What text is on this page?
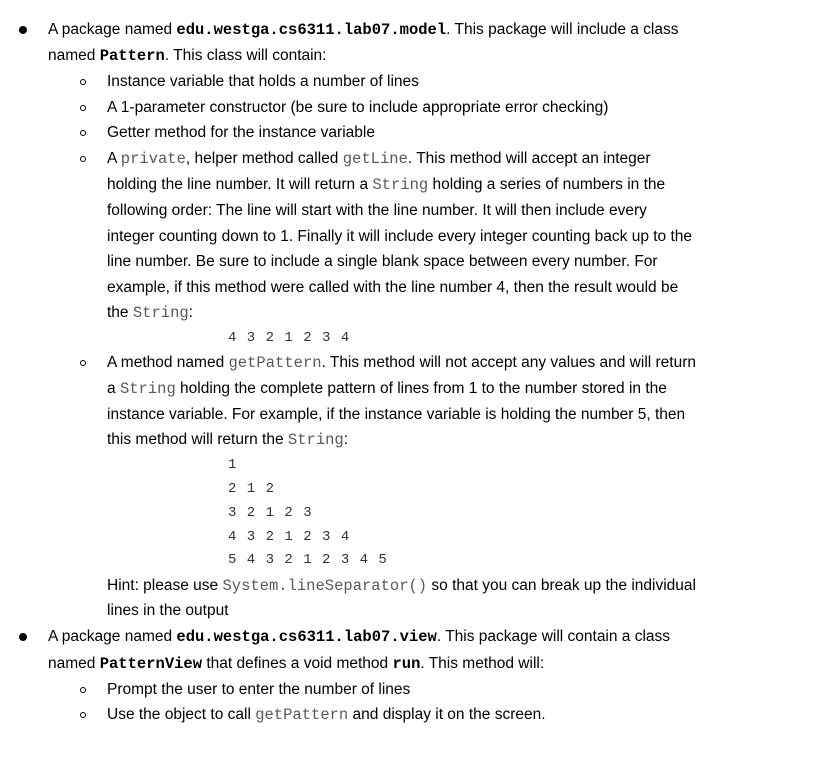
A package named edu.westga.cs6311.lab07.model. This package will include a class
named Pattern. This class will contain:
Instance variable that holds a number of lines
A 1-parameter constructor (be sure to include appropriate error checking)
Getter method for the instance variable
A private, helper method called getLine. This method will accept an integer
holding the line number. It will return a String holding a series of numbers in the
following order: The line will start with the line number. It will then include every
integer counting down to 1. Finally it will include every integer counting back up to the
line number. Be sure to include a single blank space between every number. For
example, if this method were called with the line number 4, then the result would be
the String:
4 3 2 1 2 3 4
A method named getPattern. This method will not accept any values and will return
a String holding the complete pattern of lines from 1 to the number stored in the
instance variable. For example, if the instance variable is holding the number 5, then
this method will return the String:
1
2 1 2
3 2 1 2 3
4 3 2 1 2 3 4
5 4 3 2 1 2 3 4 5
Hint: please use System.lineSeparator() so that you can break up the individual
lines in the output
A package named edu.westga.cs6311.lab07.view. This package will contain a class
named PatternView that defines a void method run. This method will:
Prompt the user to enter the number of lines
Use the object to call getPattern and display it on the screen.
